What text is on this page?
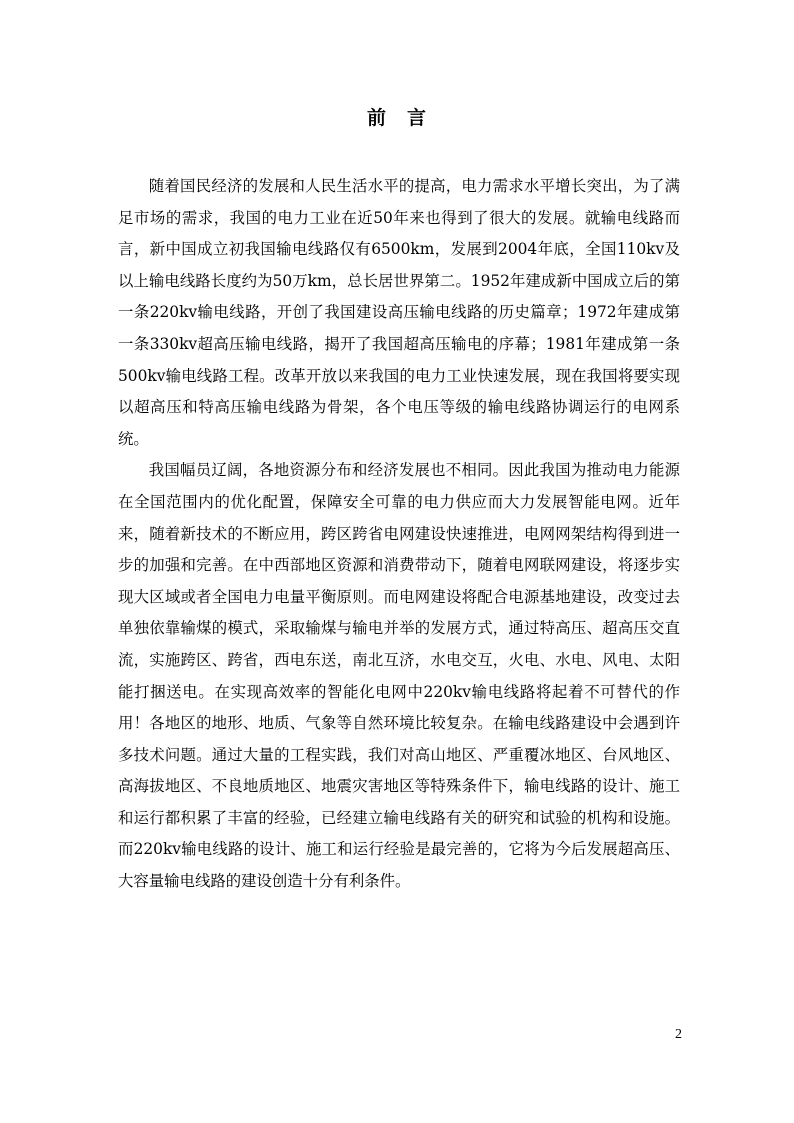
前　言

随着国民经济的发展和人民生活水平的提高，电力需求水平增长突出，为了满足市场的需求，我国的电力工业在近50年来也得到了很大的发展。就输电线路而言，新中国成立初我国输电线路仅有6500km，发展到2004年底，全国110kv及以上输电线路长度约为50万km，总长居世界第二。1952年建成新中国成立后的第一条220kv输电线路，开创了我国建设高压输电线路的历史篇章；1972年建成第一条330kv超高压输电线路，揭开了我国超高压输电的序幕；1981年建成第一条500kv输电线路工程。改革开放以来我国的电力工业快速发展，现在我国将要实现以超高压和特高压输电线路为骨架，各个电压等级的输电线路协调运行的电网系统。

我国幅员辽阔，各地资源分布和经济发展也不相同。因此我国为推动电力能源在全国范围内的优化配置，保障安全可靠的电力供应而大力发展智能电网。近年来，随着新技术的不断应用，跨区跨省电网建设快速推进，电网网架结构得到进一步的加强和完善。在中西部地区资源和消费带动下，随着电网联网建设，将逐步实现大区域或者全国电力电量平衡原则。而电网建设将配合电源基地建设，改变过去单独依靠输煤的模式，采取输煤与输电并举的发展方式，通过特高压、超高压交直流，实施跨区、跨省，西电东送，南北互济，水电交互，火电、水电、风电、太阳能打捆送电。在实现高效率的智能化电网中220kv输电线路将起着不可替代的作用！各地区的地形、地质、气象等自然环境比较复杂。在输电线路建设中会遇到许多技术问题。通过大量的工程实践，我们对高山地区、严重覆冰地区、台风地区、高海拔地区、不良地质地区、地震灾害地区等特殊条件下，输电线路的设计、施工和运行都积累了丰富的经验，已经建立输电线路有关的研究和试验的机构和设施。而220kv输电线路的设计、施工和运行经验是最完善的，它将为今后发展超高压、大容量输电线路的建设创造十分有利条件。

2
